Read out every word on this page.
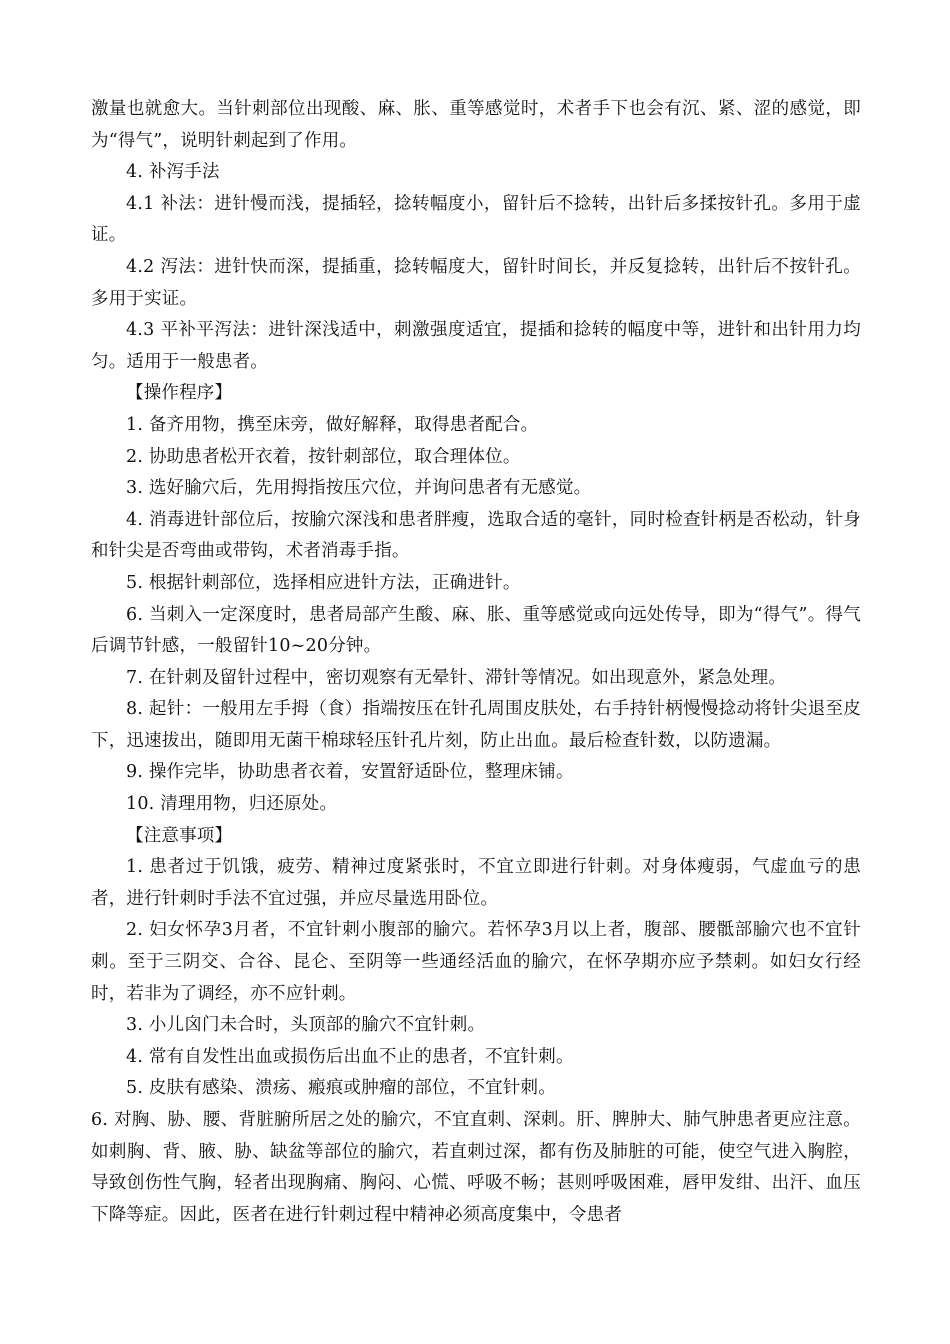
激量也就愈大。当针刺部位出现酸、麻、胀、重等感觉时，术者手下也会有沉、紧、涩的感觉，即为“得气”，说明针刺起到了作用。

4. 补泻手法

4.1 补法：进针慢而浅，提插轻，捻转幅度小，留针后不捻转，出针后多揉按针孔。多用于虚证。

4.2 泻法：进针快而深，提插重，捻转幅度大，留针时间长，并反复捻转，出针后不按针孔。多用于实证。

4.3 平补平泻法：进针深浅适中，刺激强度适宜，提插和捻转的幅度中等，进针和出针用力均匀。适用于一般患者。

【操作程序】

1. 备齐用物，携至床旁，做好解释，取得患者配合。

2. 协助患者松开衣着，按针刺部位，取合理体位。

3. 选好腧穴后，先用拇指按压穴位，并询问患者有无感觉。

4. 消毒进针部位后，按腧穴深浅和患者胖瘦，选取合适的毫针，同时检查针柄是否松动，针身和针尖是否弯曲或带钩，术者消毒手指。

5. 根据针刺部位，选择相应进针方法，正确进针。

6. 当刺入一定深度时，患者局部产生酸、麻、胀、重等感觉或向远处传导，即为“得气”。得气后调节针感，一般留针10~20分钟。

7. 在针刺及留针过程中，密切观察有无晕针、滞针等情况。如出现意外，紧急处理。

8. 起针：一般用左手拇（食）指端按压在针孔周围皮肤处，右手持针柄慢慢捻动将针尖退至皮下，迅速拔出，随即用无菌干棉球轻压针孔片刻，防止出血。最后检查针数，以防遗漏。

9. 操作完毕，协助患者衣着，安置舒适卧位，整理床铺。

10. 清理用物，归还原处。

【注意事项】

1. 患者过于饥饿，疲劳、精神过度紧张时，不宜立即进行针刺。对身体瘦弱，气虚血亏的患者，进行针刺时手法不宜过强，并应尽量选用卧位。

2. 妇女怀孕3月者，不宜针刺小腹部的腧穴。若怀孕3月以上者，腹部、腰骶部腧穴也不宜针刺。至于三阴交、合谷、昆仑、至阴等一些通经活血的腧穴，在怀孕期亦应予禁刺。如妇女行经时，若非为了调经，亦不应针刺。

3. 小儿囟门未合时，头顶部的腧穴不宜针刺。

4. 常有自发性出血或损伤后出血不止的患者，不宜针刺。

5. 皮肤有感染、溃疡、瘢痕或肿瘤的部位，不宜针刺。

6. 对胸、胁、腰、背脏腑所居之处的腧穴，不宜直刺、深刺。肝、脾肿大、肺气肿患者更应注意。如刺胸、背、腋、胁、缺盆等部位的腧穴，若直刺过深，都有伤及肺脏的可能，使空气进入胸腔，导致创伤性气胸，轻者出现胸痛、胸闷、心慌、呼吸不畅；甚则呼吸困难，唇甲发绀、出汗、血压下降等症。因此，医者在进行针刺过程中精神必须高度集中，令患者
